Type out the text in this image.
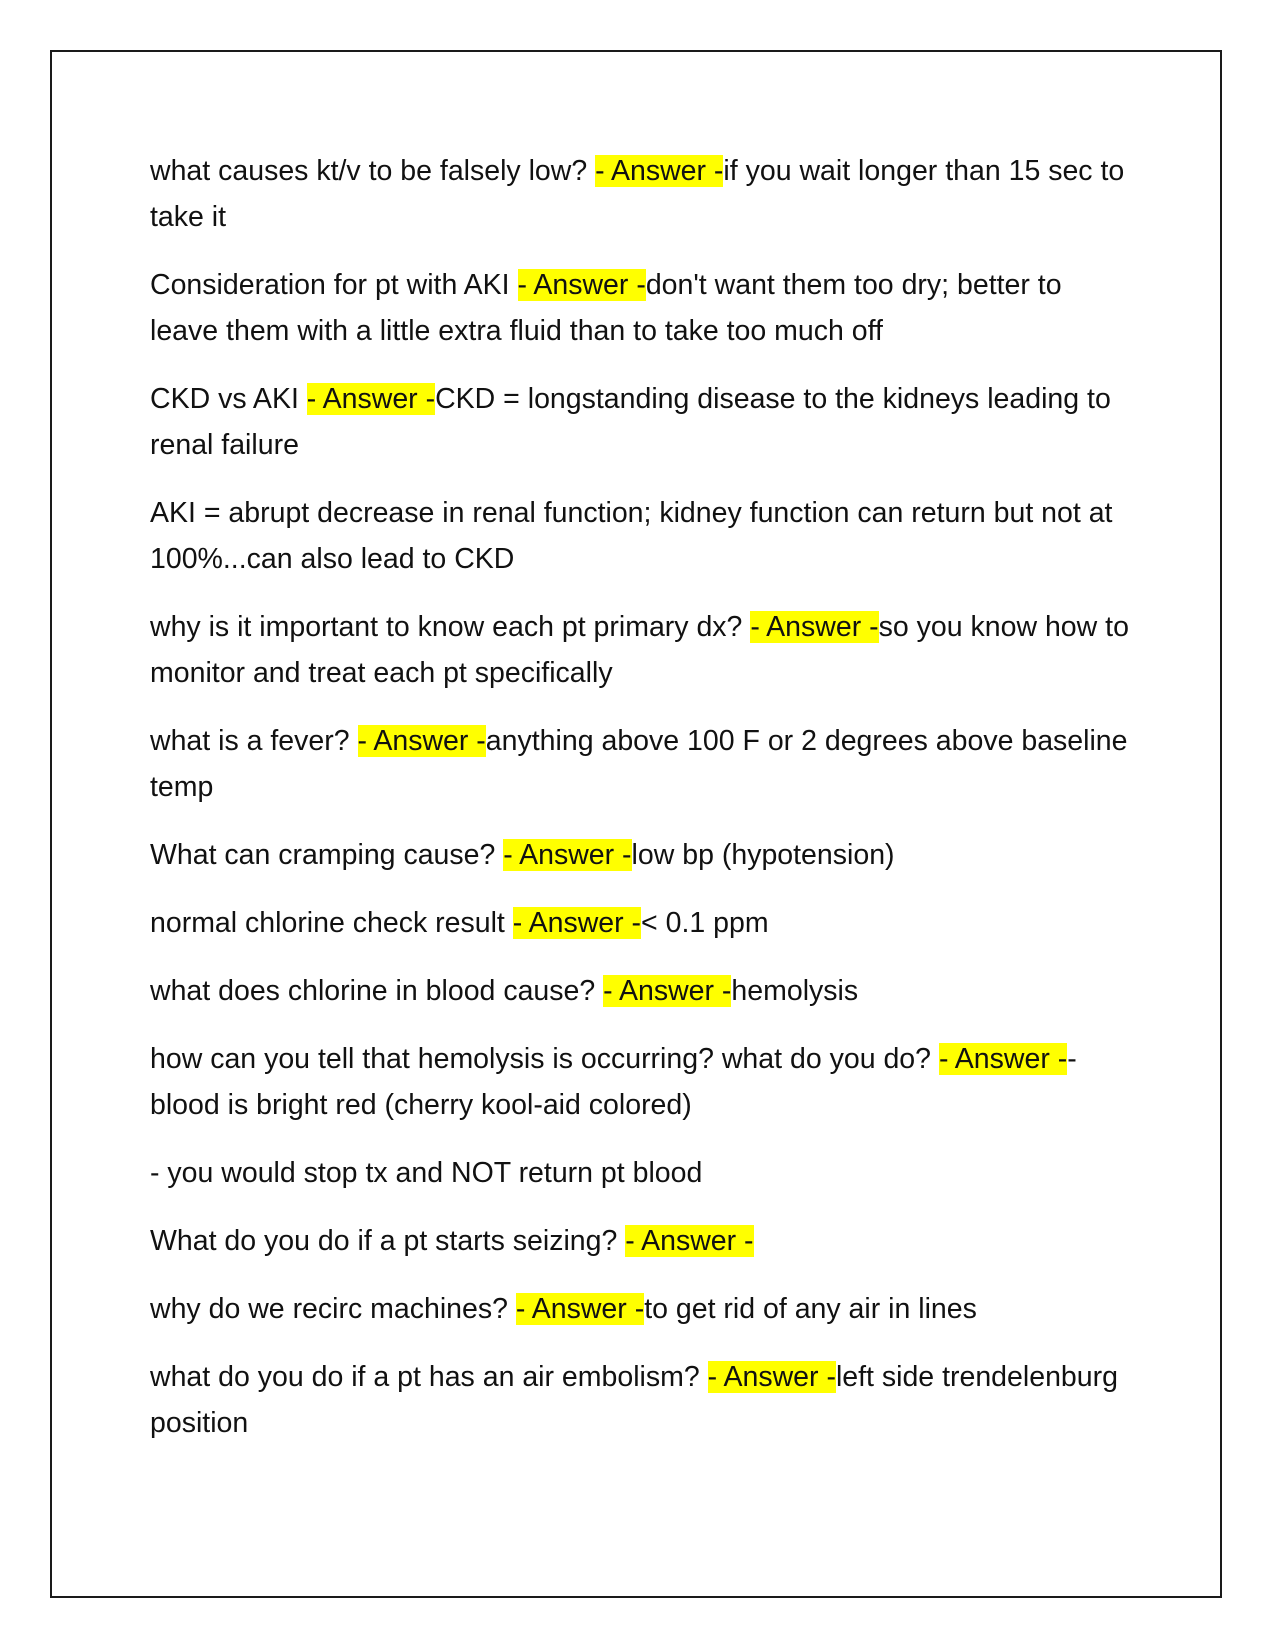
what causes kt/v to be falsely low? - Answer -if you wait longer than 15 sec to take it

Consideration for pt with AKI - Answer -don't want them too dry; better to leave them with a little extra fluid than to take too much off

CKD vs AKI - Answer -CKD = longstanding disease to the kidneys leading to renal failure

AKI = abrupt decrease in renal function; kidney function can return but not at 100%...can also lead to CKD

why is it important to know each pt primary dx? - Answer -so you know how to monitor and treat each pt specifically

what is a fever? - Answer -anything above 100 F or 2 degrees above baseline temp

What can cramping cause? - Answer -low bp (hypotension)

normal chlorine check result - Answer -< 0.1 ppm

what does chlorine in blood cause? - Answer -hemolysis

how can you tell that hemolysis is occurring? what do you do? - Answer --blood is bright red (cherry kool-aid colored)

- you would stop tx and NOT return pt blood

What do you do if a pt starts seizing? - Answer -

why do we recirc machines? - Answer -to get rid of any air in lines

what do you do if a pt has an air embolism? - Answer -left side trendelenburg position
